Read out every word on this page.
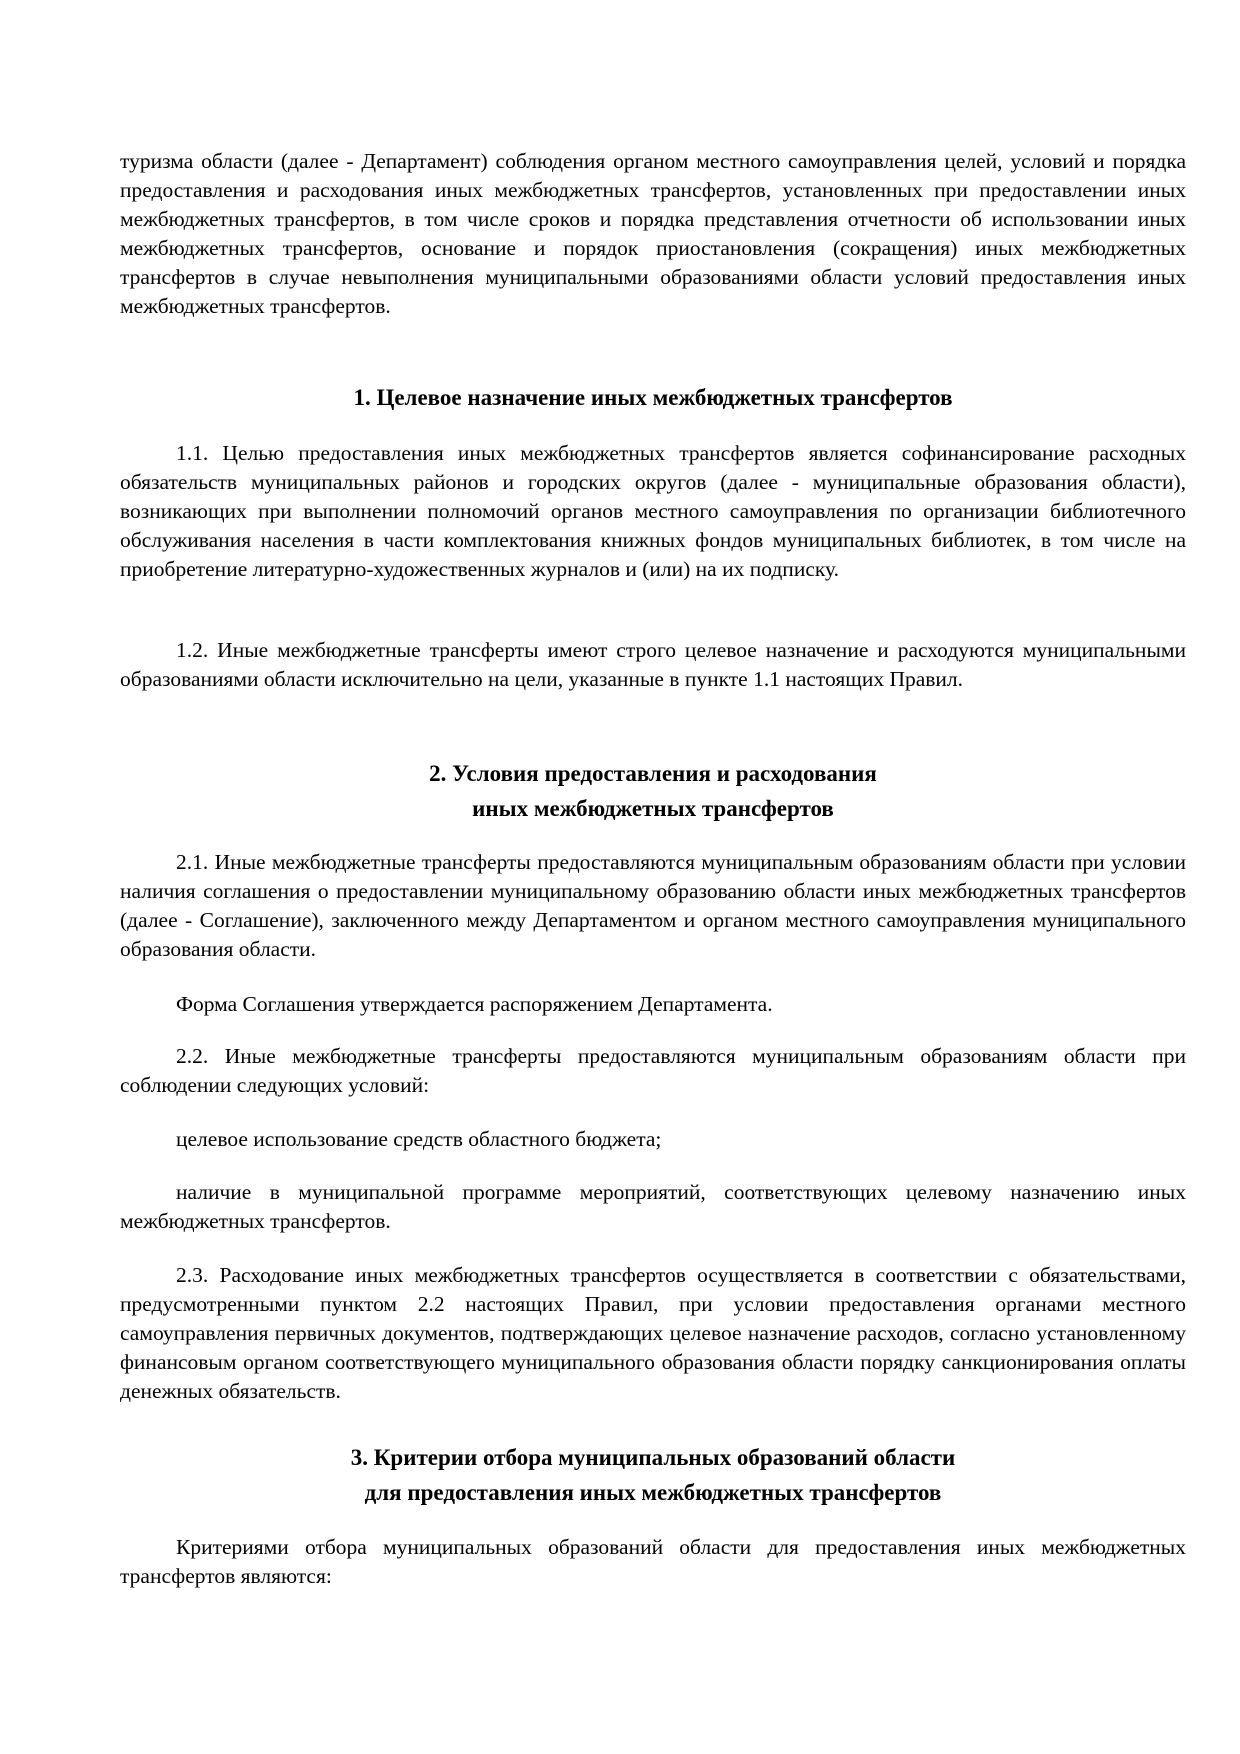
туризма области (далее - Департамент) соблюдения органом местного самоуправления целей, условий и порядка предоставления и расходования иных межбюджетных трансфертов, установленных при предоставлении иных межбюджетных трансфертов, в том числе сроков и порядка представления отчетности об использовании иных межбюджетных трансфертов, основание и порядок приостановления (сокращения) иных межбюджетных трансфертов в случае невыполнения муниципальными образованиями области условий предоставления иных межбюджетных трансфертов.
1. Целевое назначение иных межбюджетных трансфертов
1.1. Целью предоставления иных межбюджетных трансфертов является софинансирование расходных обязательств муниципальных районов и городских округов (далее - муниципальные образования области), возникающих при выполнении полномочий органов местного самоуправления по организации библиотечного обслуживания населения в части комплектования книжных фондов муниципальных библиотек, в том числе на приобретение литературно-художественных журналов и (или) на их подписку.
1.2. Иные межбюджетные трансферты имеют строго целевое назначение и расходуются муниципальными образованиями области исключительно на цели, указанные в пункте 1.1 настоящих Правил.
2. Условия предоставления и расходования
иных межбюджетных трансфертов
2.1. Иные межбюджетные трансферты предоставляются муниципальным образованиям области при условии наличия соглашения о предоставлении муниципальному образованию области иных межбюджетных трансфертов (далее - Соглашение), заключенного между Департаментом и органом местного самоуправления муниципального образования области.
Форма Соглашения утверждается распоряжением Департамента.
2.2. Иные межбюджетные трансферты предоставляются муниципальным образованиям области при соблюдении следующих условий:
целевое использование средств областного бюджета;
наличие в муниципальной программе мероприятий, соответствующих целевому назначению иных межбюджетных трансфертов.
2.3. Расходование иных межбюджетных трансфертов осуществляется в соответствии с обязательствами, предусмотренными пунктом 2.2 настоящих Правил, при условии предоставления органами местного самоуправления первичных документов, подтверждающих целевое назначение расходов, согласно установленному финансовым органом соответствующего муниципального образования области порядку санкционирования оплаты денежных обязательств.
3. Критерии отбора муниципальных образований области
для предоставления иных межбюджетных трансфертов
Критериями отбора муниципальных образований области для предоставления иных межбюджетных трансфертов являются:
